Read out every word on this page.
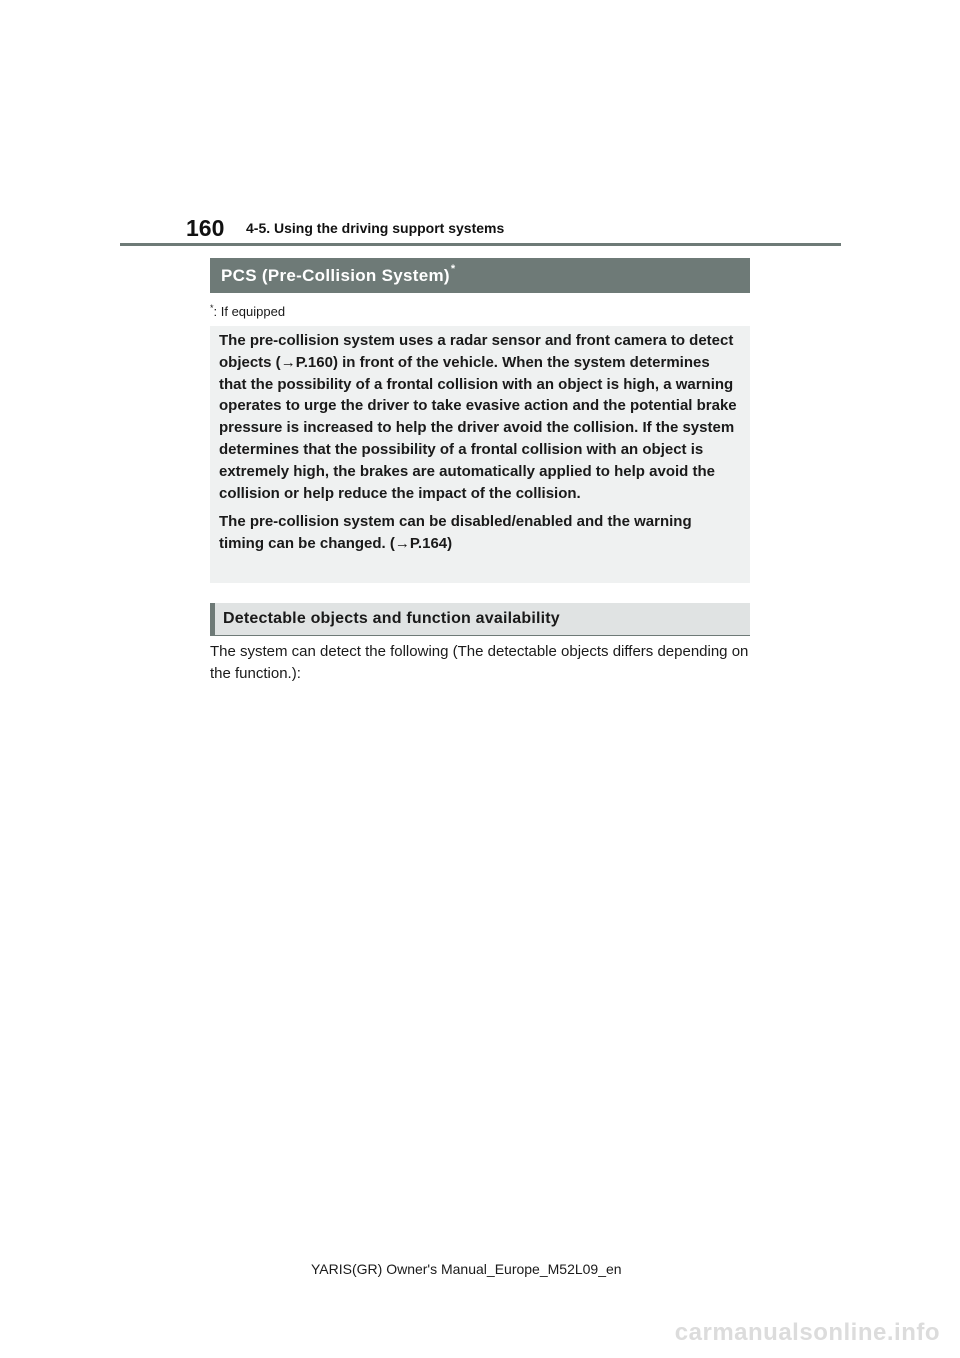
160 4-5. Using the driving support systems
PCS (Pre-Collision System) *
*: If equipped

The pre-collision system uses a radar sensor and front camera to detect objects (→P.160) in front of the vehicle. When the system determines that the possibility of a frontal collision with an object is high, a warning operates to urge the driver to take evasive action and the potential brake pressure is increased to help the driver avoid the collision. If the system determines that the possibility of a frontal collision with an object is extremely high, the brakes are automatically applied to help avoid the collision or help reduce the impact of the collision.

The pre-collision system can be disabled/enabled and the warning timing can be changed. (→P.164)

Detectable objects and function availability

The system can detect the following (The detectable objects differs depending on the function.):

YARIS(GR) Owner's Manual_Europe_M52L09_en
carmanualsonline.info
